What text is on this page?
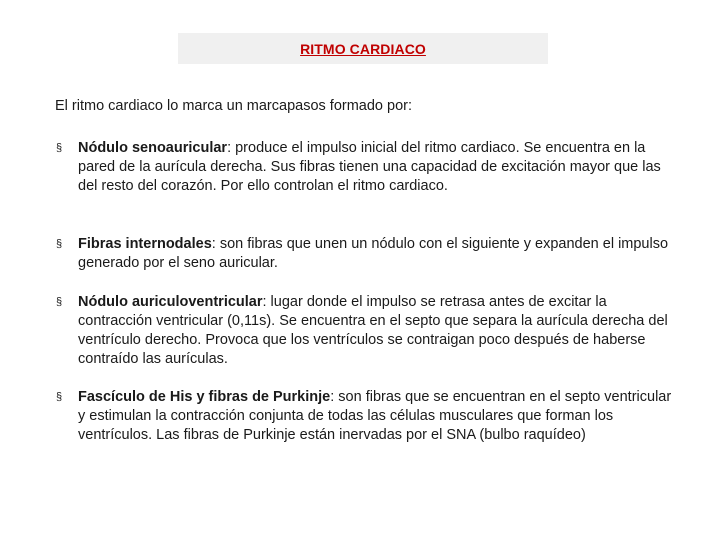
RITMO CARDIACO

El ritmo cardiaco lo marca un marcapasos formado por:

§ Nódulo senoauricular: produce el impulso inicial del ritmo cardiaco. Se encuentra en la pared de la aurícula derecha. Sus fibras tienen una capacidad de excitación mayor que las del resto del corazón. Por ello controlan el ritmo cardiaco.
§ Fibras internodales: son fibras que unen un nódulo con el siguiente y expanden el impulso generado por el seno auricular.
§ Nódulo auriculoventricular: lugar donde el impulso se retrasa antes de excitar la contracción ventricular (0,11s). Se encuentra en el septo que separa la aurícula derecha del ventrículo derecho. Provoca que los ventrículos se contraigan poco después de haberse contraído las aurículas.
§ Fascículo de His y fibras de Purkinje: son fibras que se encuentran en el septo ventricular y estimulan la contracción conjunta de todas las células musculares que forman los ventrículos. Las fibras de Purkinje están inervadas por el SNA (bulbo raquídeo)
